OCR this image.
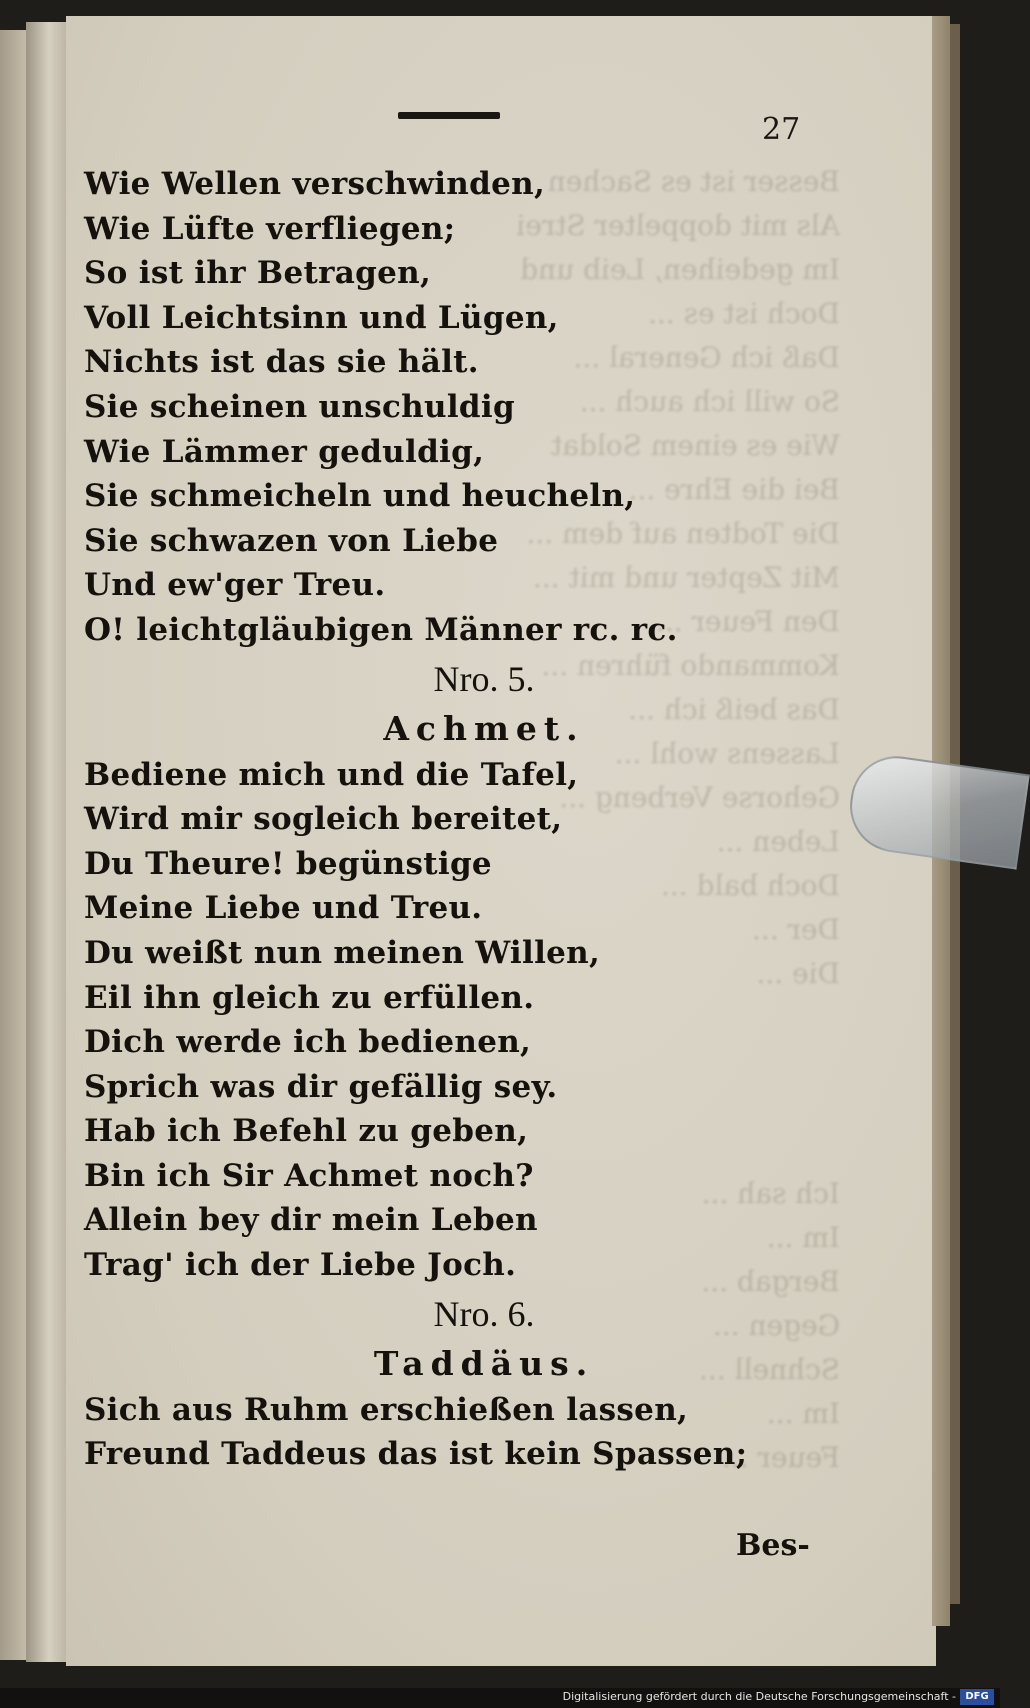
Besser ist es Sachen
Als mit doppelter Strei
Im gedeihen, Leib und
Doch ist es ...
Daß ich General ...
So will ich auch ...
Wie es einem Soldat
Bei die Ehre ...
Die Todten auf dem ...
Mit Zepter und mit ...
Den Feuer ...
Kommando führen ...
Das beiß ich ...
Lassens wohl ...
Gehorse Verbeng ...
Leben ...
Doch bald ...
Der ...
Die ...

Ich sah ...
Im ...
Bergab ...
Gegen ...
Schnell ...
Im ...
Feuer ...
27
Wie Wellen verschwinden,
Wie Lüfte verfliegen;
So ist ihr Betragen,
Voll Leichtsinn und Lügen,
Nichts ist das sie hält.
Sie scheinen unschuldig
Wie Lämmer geduldig,
Sie schmeicheln und heucheln,
Sie schwazen von Liebe
Und ew'ger Treu.
O! leichtgläubigen Männer rc. rc.
Nro. 5.
Achmet.
Bediene mich und die Tafel,
Wird mir sogleich bereitet,
Du Theure! begünstige
Meine Liebe und Treu.
Du weißt nun meinen Willen,
Eil ihn gleich zu erfüllen.
Dich werde ich bedienen,
Sprich was dir gefällig sey.
Hab ich Befehl zu geben,
Bin ich Sir Achmet noch?
Allein bey dir mein Leben
Trag' ich der Liebe Joch.
Nro. 6.
Taddäus.
Sich aus Ruhm erschießen lassen,
Freund Taddeus das ist kein Spassen;
Bes-
Digitalisierung gefördert durch die Deutsche Forschungsgemeinschaft - DFG
